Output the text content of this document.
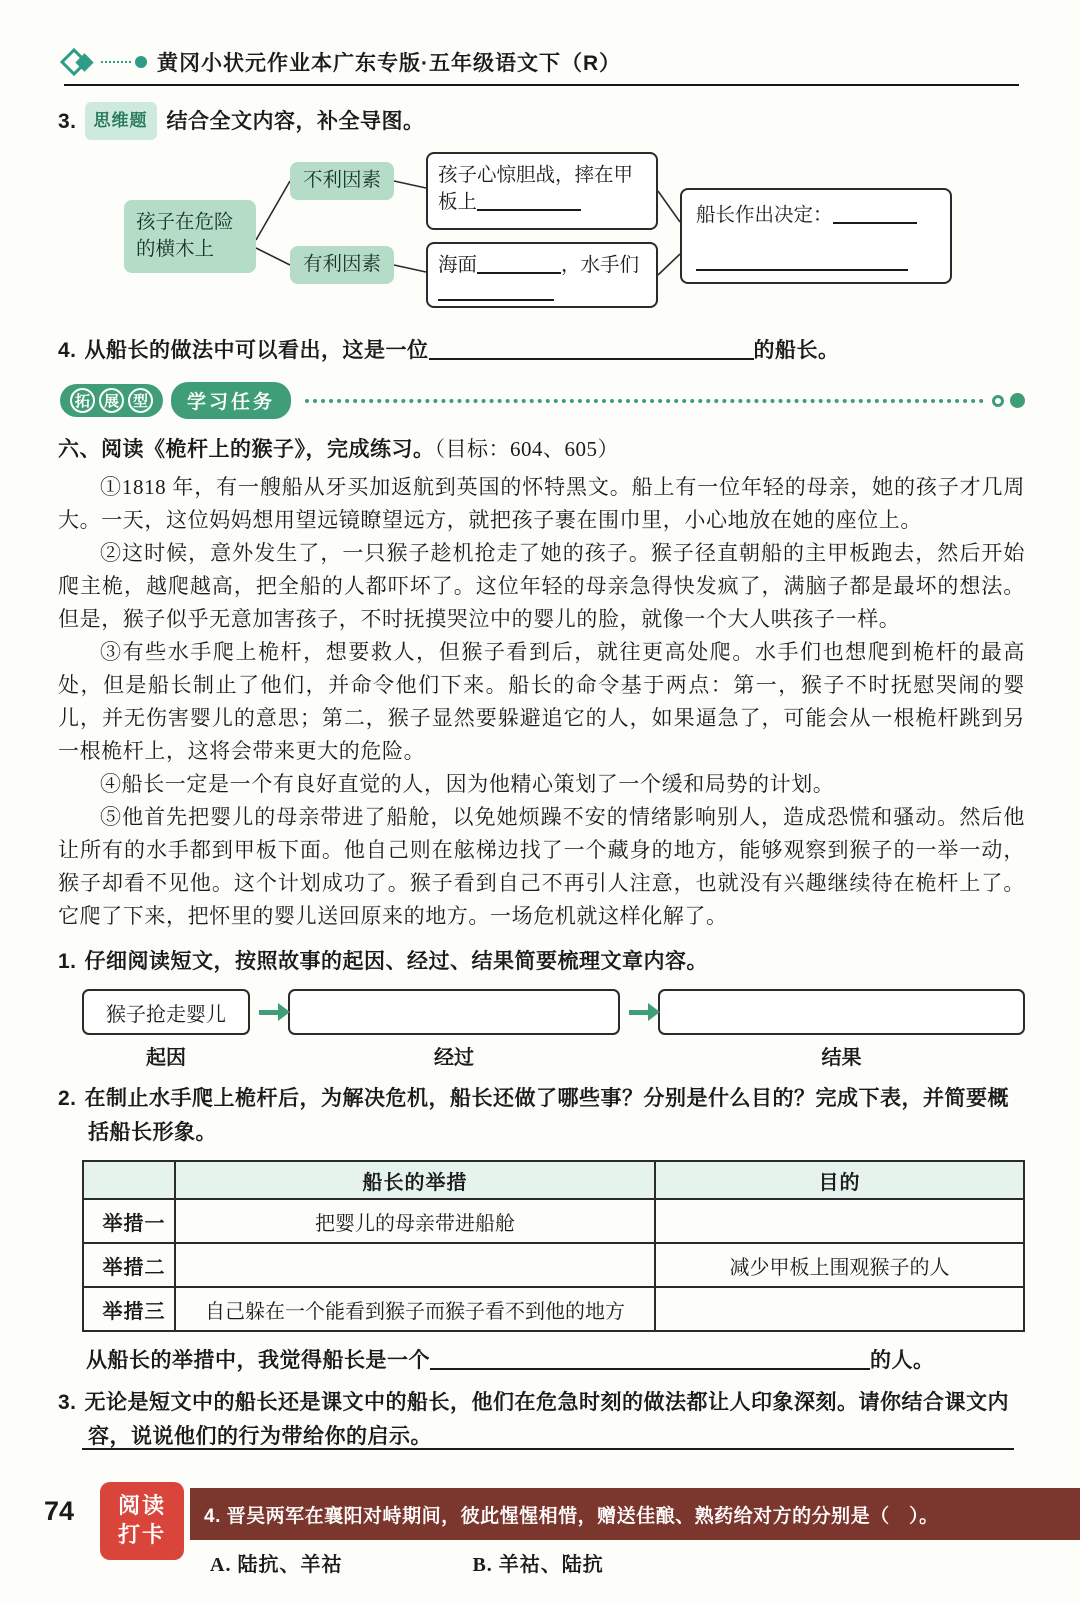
黄冈小状元作业本广东专版·五年级语文下（R）
3. 思维题 结合全文内容，补全导图。
孩子在危险的横木上
不利因素
有利因素
孩子心惊胆战，摔在甲板上
海面	，水手们
船长作出决定：
4. 从船长的做法中可以看出，这是一位	的船长。
拓 展 型	学习任务
六、阅读《桅杆上的猴子》，完成练习。（目标：604、605）

①1818 年，有一艘船从牙买加返航到英国的怀特黑文。船上有一位年轻的母亲，她的孩子才几周大。一天，这位妈妈想用望远镜瞭望远方，就把孩子裹在围巾里，小心地放在她的座位上。

②这时候，意外发生了，一只猴子趁机抢走了她的孩子。猴子径直朝船的主甲板跑去，然后开始爬主桅，越爬越高，把全船的人都吓坏了。这位年轻的母亲急得快发疯了，满脑子都是最坏的想法。但是，猴子似乎无意加害孩子，不时抚摸哭泣中的婴儿的脸，就像一个大人哄孩子一样。

③有些水手爬上桅杆，想要救人，但猴子看到后，就往更高处爬。水手们也想爬到桅杆的最高处，但是船长制止了他们，并命令他们下来。船长的命令基于两点：第一，猴子不时抚慰哭闹的婴儿，并无伤害婴儿的意思；第二，猴子显然要躲避追它的人，如果逼急了，可能会从一根桅杆跳到另一根桅杆上，这将会带来更大的危险。

④船长一定是一个有良好直觉的人，因为他精心策划了一个缓和局势的计划。

⑤他首先把婴儿的母亲带进了船舱，以免她烦躁不安的情绪影响别人，造成恐慌和骚动。然后他让所有的水手都到甲板下面。他自己则在舷梯边找了一个藏身的地方，能够观察到猴子的一举一动，猴子却看不见他。这个计划成功了。猴子看到自己不再引人注意，也就没有兴趣继续待在桅杆上了。它爬了下来，把怀里的婴儿送回原来的地方。一场危机就这样化解了。

1. 仔细阅读短文，按照故事的起因、经过、结果简要梳理文章内容。
猴子抢走婴儿
起因	经过	结果
2. 在制止水手爬上桅杆后，为解决危机，船长还做了哪些事？分别是什么目的？完成下表，并简要概括船长形象。
	船长的举措	目的
举措一	把婴儿的母亲带进船舱	
举措二		减少甲板上围观猴子的人
举措三	自己躲在一个能看到猴子而猴子看不到他的地方	
从船长的举措中，我觉得船长是一个	的人。
3. 无论是短文中的船长还是课文中的船长，他们在危急时刻的做法都让人印象深刻。请你结合课文内容，说说他们的行为带给你的启示。
74 阅读
打卡
4. 晋吴两军在襄阳对峙期间，彼此惺惺相惜，赠送佳酿、熟药给对方的分别是（　）。
A. 陆抗、羊祜	B. 羊祜、陆抗
